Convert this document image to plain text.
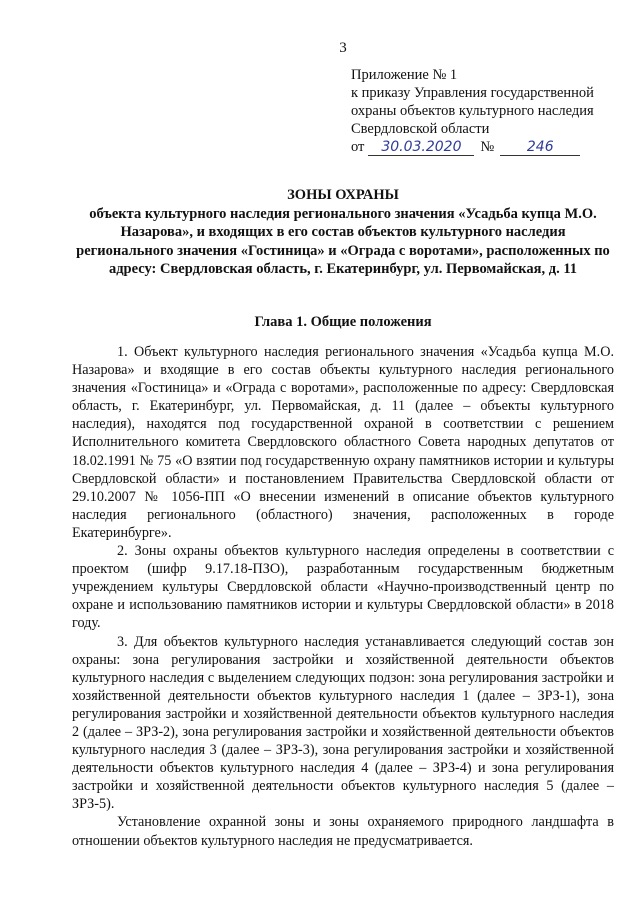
3
Приложение № 1
к приказу Управления государственной
охраны объектов культурного наследия
Свердловской области
от	30.03.2020	№	246
ЗОНЫ ОХРАНЫ
объекта культурного наследия регионального значения «Усадьба купца М.О. Назарова», и входящих в его состав объектов культурного наследия регионального значения «Гостиница» и «Ограда с воротами», расположенных по адресу: Свердловская область, г. Екатеринбург, ул. Первомайская, д. 11
Глава 1. Общие положения

1. Объект культурного наследия регионального значения «Усадьба купца М.О. Назарова» и входящие в его состав объекты культурного наследия регионального значения «Гостиница» и «Ограда с воротами», расположенные по адресу: Свердловская область, г. Екатеринбург, ул. Первомайская, д. 11 (далее – объекты культурного наследия), находятся под государственной охраной в соответствии с решением Исполнительного комитета Свердловского областного Совета народных депутатов от 18.02.1991 № 75 «О взятии под государственную охрану памятников истории и культуры Свердловской области» и постановлением Правительства Свердловской области от 29.10.2007 № 1056-ПП «О внесении изменений в описание объектов культурного наследия регионального (областного) значения, расположенных в городе Екатеринбурге».

2. Зоны охраны объектов культурного наследия определены в соответствии с проектом (шифр 9.17.18-ПЗО), разработанным государственным бюджетным учреждением культуры Свердловской области «Научно-производственный центр по охране и использованию памятников истории и культуры Свердловской области» в 2018 году.

3. Для объектов культурного наследия устанавливается следующий состав зон охраны: зона регулирования застройки и хозяйственной деятельности объектов культурного наследия с выделением следующих подзон: зона регулирования застройки и хозяйственной деятельности объектов культурного наследия 1 (далее – ЗРЗ-1), зона регулирования застройки и хозяйственной деятельности объектов культурного наследия 2 (далее – ЗРЗ-2), зона регулирования застройки и хозяйственной деятельности объектов культурного наследия 3 (далее – ЗРЗ-3), зона регулирования застройки и хозяйственной деятельности объектов культурного наследия 4 (далее – ЗРЗ-4) и зона регулирования застройки и хозяйственной деятельности объектов культурного наследия 5 (далее – ЗРЗ-5).

Установление охранной зоны и зоны охраняемого природного ландшафта в отношении объектов культурного наследия не предусматривается.
